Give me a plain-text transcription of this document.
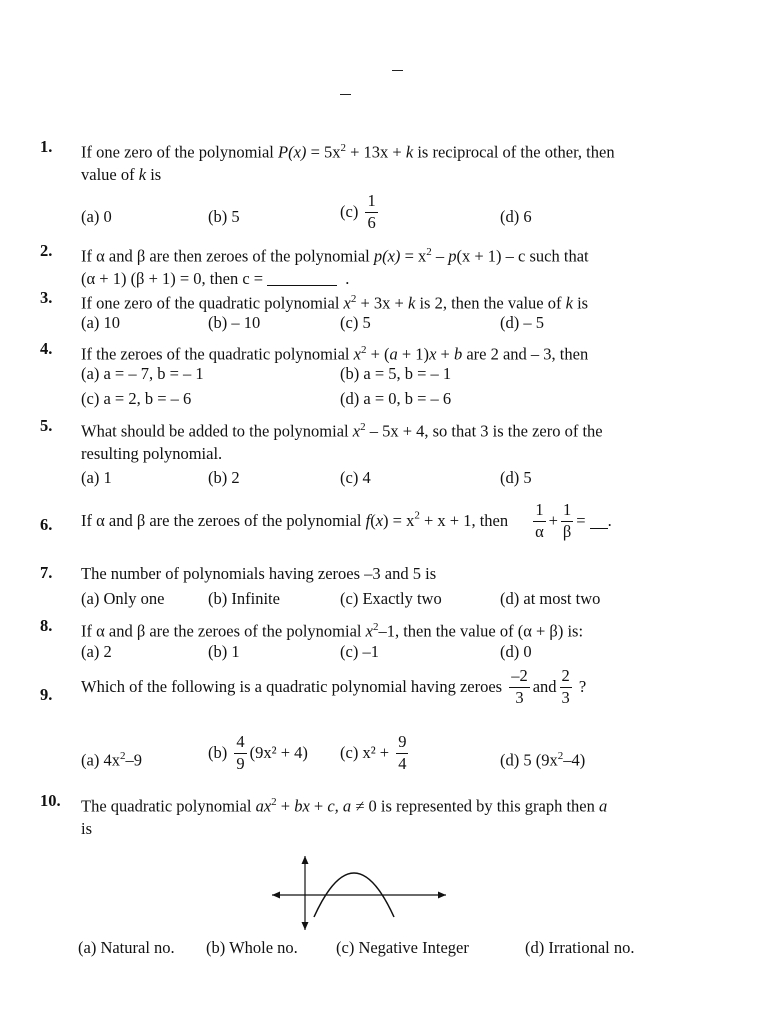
1. If one zero of the polynomial $P(x) = 5x^2 + 13x + k$ is reciprocal of the other, then
value of k is
(a) 0	(b) 5	$(c) \frac{1}{6}$	(d) 6
2. If α and β are then zeroes of the polynomial $p(x) = x^2 - p(x + 1) - c$ such that
(α + 1) (β + 1) = 0, then c =	.
3. If one zero of the quadratic polynomial $x^2 + 3x + k$ is 2, then the value of k is
(a) 10	(b) – 10	(c) 5	(d) – 5
4. If the zeroes of the quadratic polynomial $x^2 + (a + 1)x + b$ are 2 and – 3, then
(a) a = – 7, b = – 1	(b) a = 5, b = – 1
(c) a = 2, b = – 6	(d) a = 0, b = – 6
5. What should be added to the polynomial $x^2 - 5x + 4$, so that 3 is the zero of the
resulting polynomial.
(a) 1	(b) 2	(c) 4	(d) 5
6. If α and β are the zeroes of the polynomial $f(x) = x^2 + x + 1$, then $\frac{1}{\alpha} + \frac{1}{\beta}$ = .
7. The number of polynomials having zeroes –3 and 5 is
(a) Only one	(b) Infinite	(c) Exactly two	(d) at most two
8. If α and β are the zeroes of the polynomial $x^2-1$, then the value of (α + β) is:
(a) 2	(b) 1	(c) –1	(d) 0
9. Which of the following is a quadratic polynomial having zeroes $\frac{-2}{3}$ and $\frac{2}{3}$ ?
(a) $4x^2-9$	$(b) \frac{4}{9} (9x^2 + 4)$ (c) $x^2 + \frac{9}{4}$	(d) 5 $(9x^2-4)$
10. The quadratic polynomial $ax^2$ + bx + c, a ≠ 0 is represented by this graph then a
is
(a) Natural no. (b) Whole no. (c) Negative Integer	(d) Irrational no.
